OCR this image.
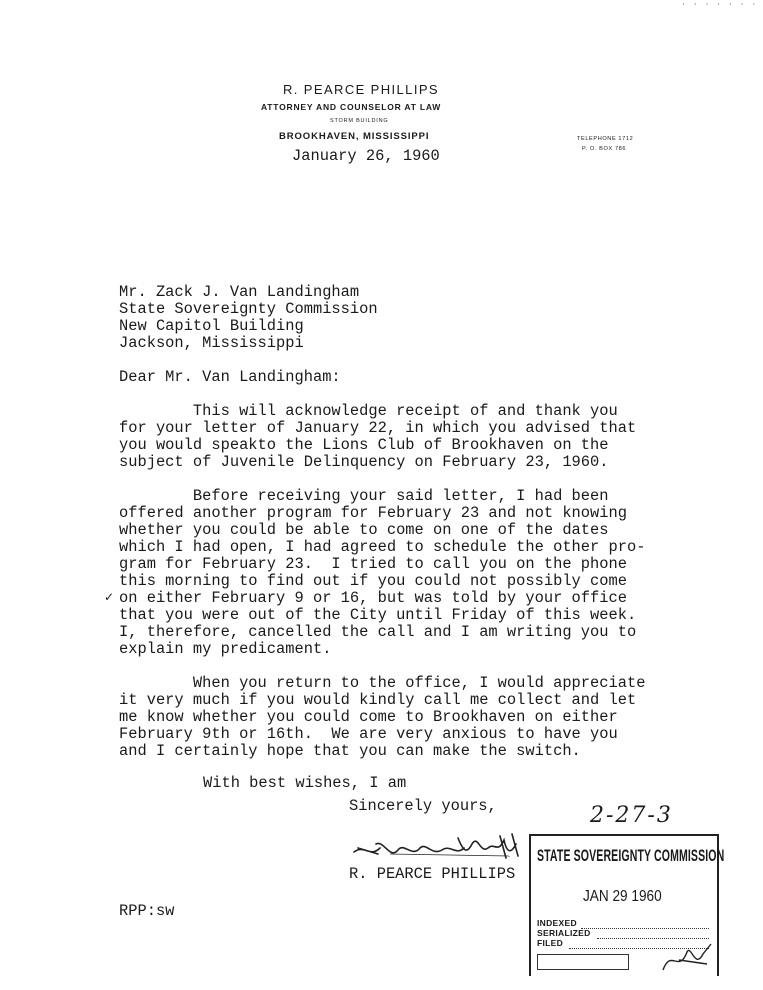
· · · · · · ·
R. PEARCE PHILLIPS
ATTORNEY AND COUNSELOR AT LAW
STORM BUILDING
BROOKHAVEN, MISSISSIPPI	TELEPHONE 1712
P. O. BOX 786
January 26, 1960
Mr. Zack J. Van Landingham
State Sovereignty Commission
New Capitol Building
Jackson, Mississippi
Dear Mr. Van Landingham:
This will acknowledge receipt of and thank you
for your letter of January 22, in which you advised that
you would speakto the Lions Club of Brookhaven on the
subject of Juvenile Delinquency on February 23, 1960.
Before receiving your said letter, I had been
offered another program for February 23 and not knowing
whether you could be able to come on one of the dates
which I had open, I had agreed to schedule the other pro-
gram for February 23.  I tried to call you on the phone
this morning to find out if you could not possibly come
on either February 9 or 16, but was told by your office
that you were out of the City until Friday of this week.
I, therefore, cancelled the call and I am writing you to
explain my predicament.
When you return to the office, I would appreciate
it very much if you would kindly call me collect and let
me know whether you could come to Brookhaven on either
February 9th or 16th.  We are very anxious to have you
and I certainly hope that you can make the switch.
✓
With best wishes, I am
Sincerely yours,
R. PEARCE PHILLIPS
RPP:sw
2-27-3
STATE SOVEREIGNTY COMMISSION
JAN 29 1960
INDEXED
SERIALIZED
FILED
